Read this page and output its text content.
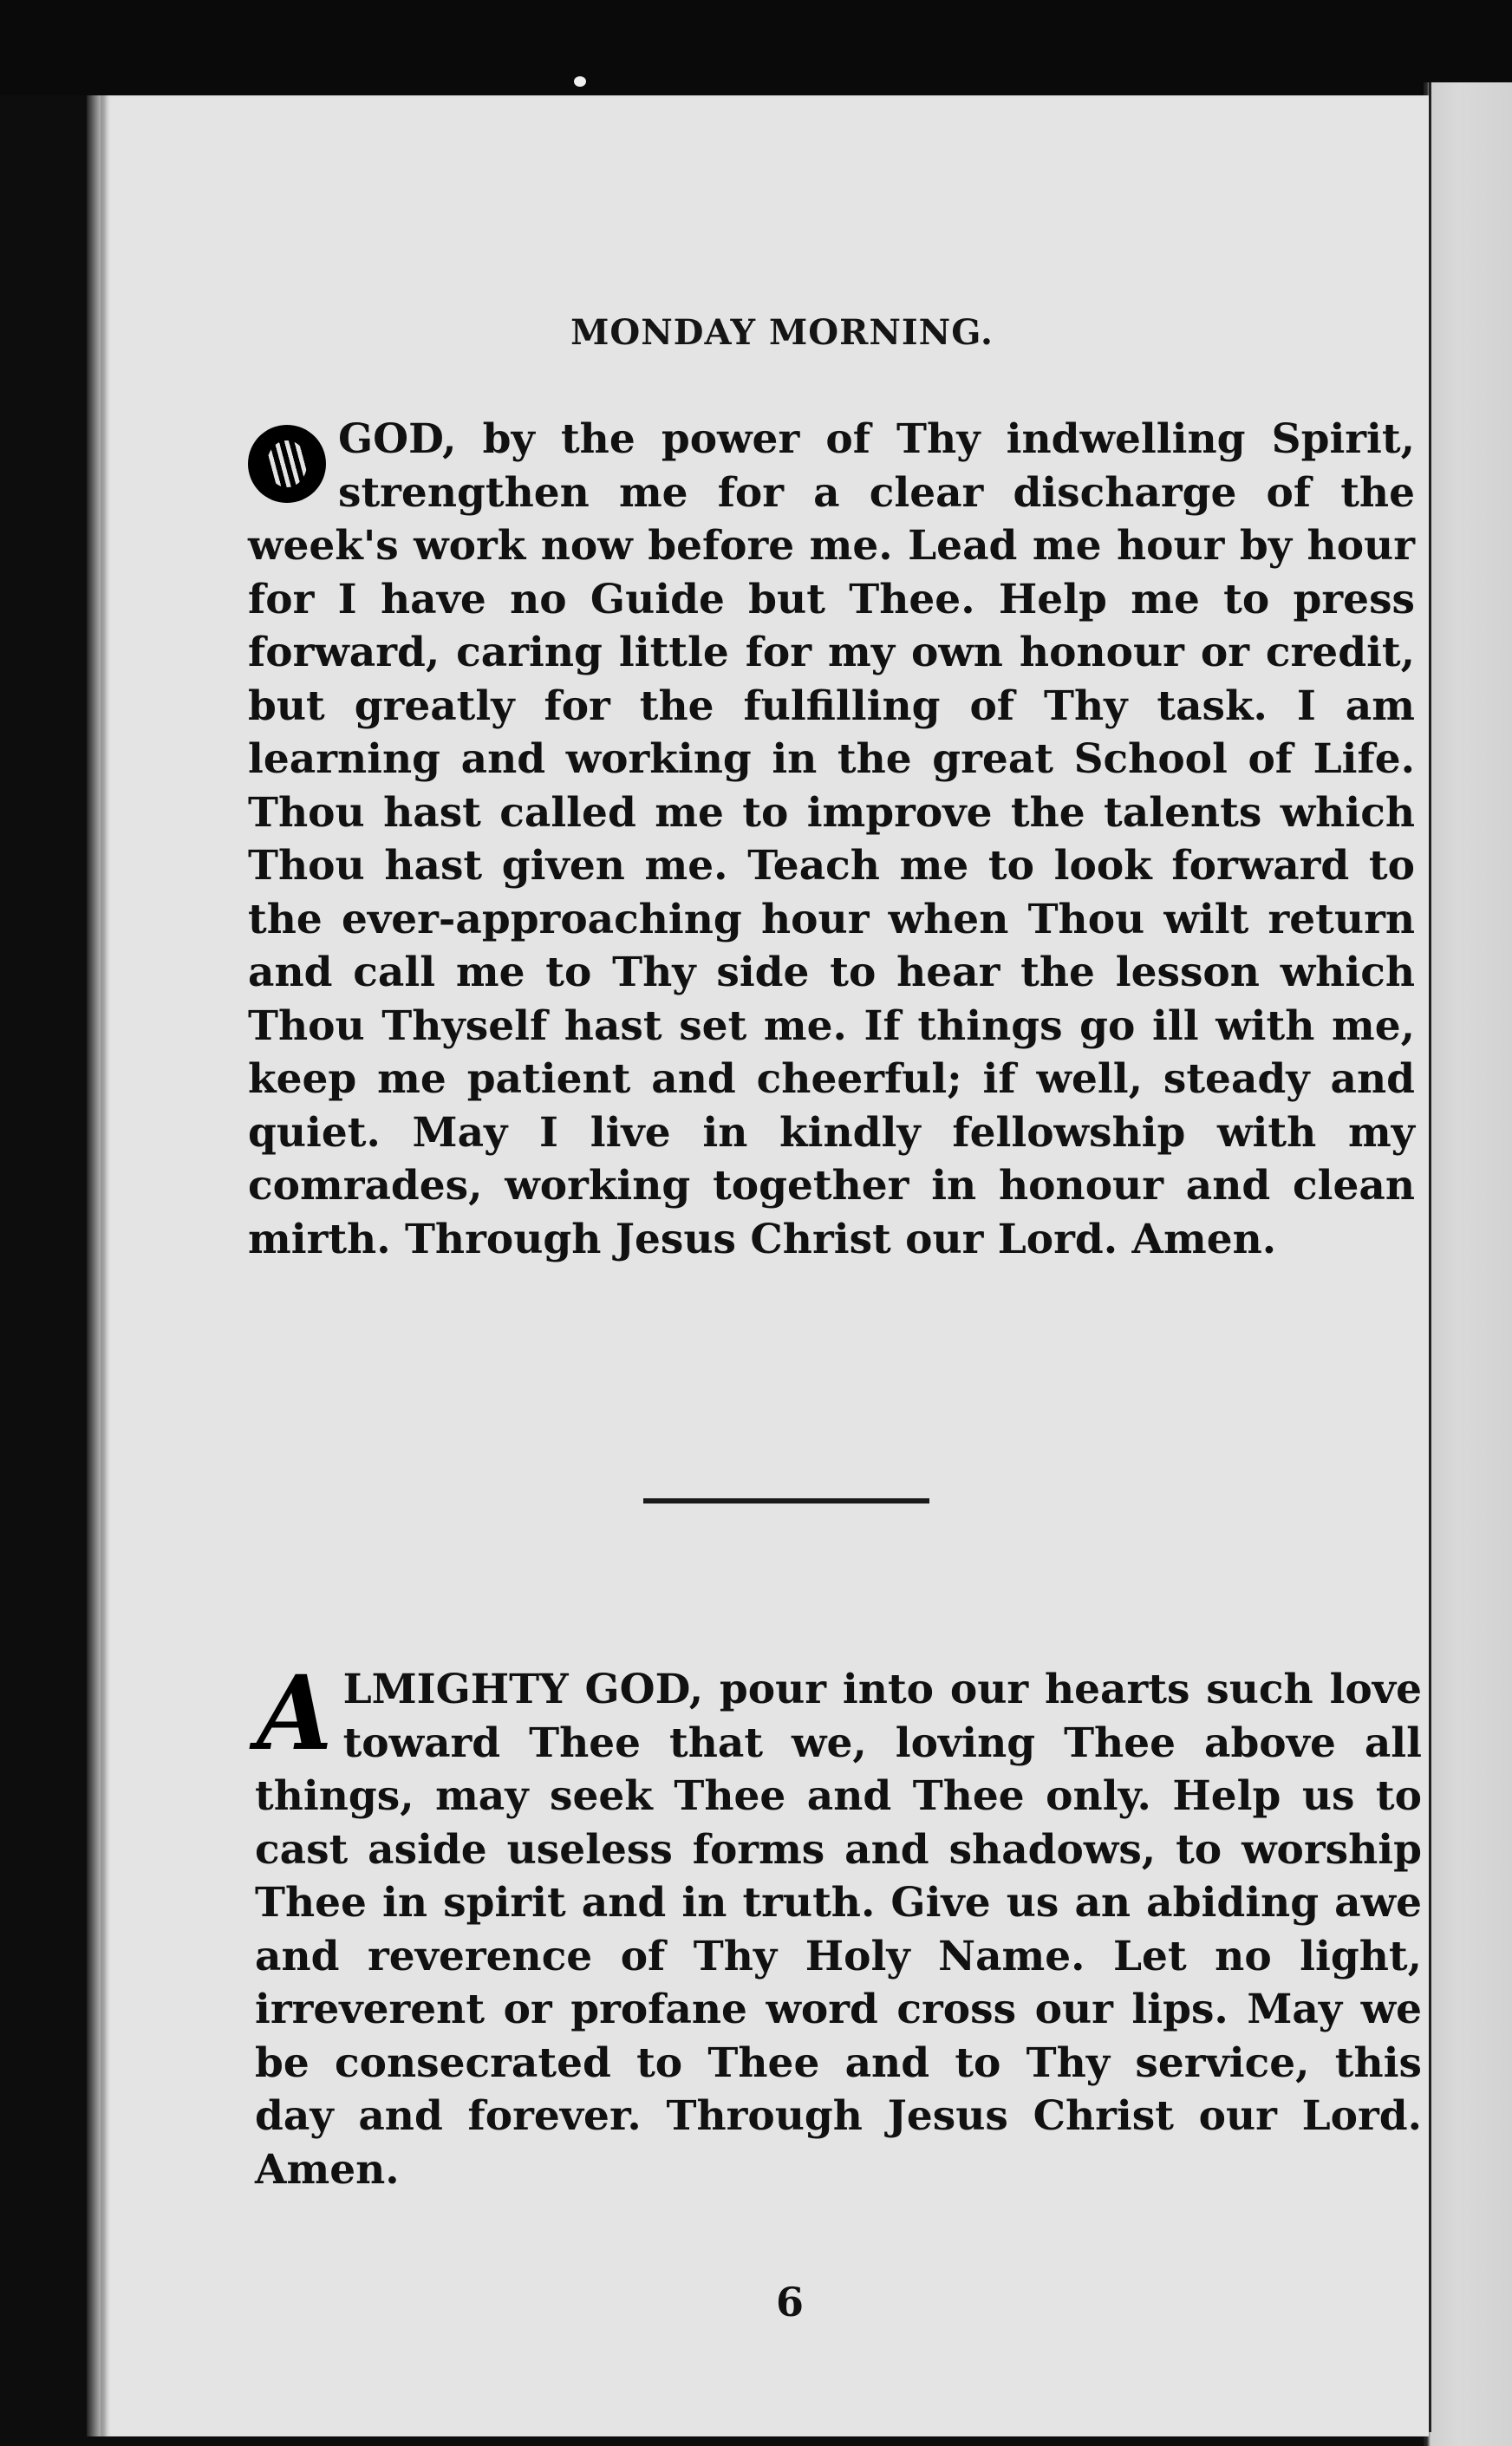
MONDAY MORNING.
GOD, by the power of Thy indwelling Spirit, strengthen me for a clear discharge of the week's work now before me. Lead me hour by hour for I have no Guide but Thee. Help me to press forward, caring little for my own honour or credit, but greatly for the fulfilling of Thy task. I am learning and working in the great School of Life. Thou hast called me to improve the talents which Thou hast given me. Teach me to look forward to the ever-approaching hour when Thou wilt return and call me to Thy side to hear the lesson which Thou Thyself hast set me. If things go ill with me, keep me patient and cheerful; if well, steady and quiet. May I live in kindly fellowship with my comrades, working together in honour and clean mirth. Through Jesus Christ our Lord. Amen.
A LMIGHTY GOD, pour into our hearts such love toward Thee that we, loving Thee above all things, may seek Thee and Thee only. Help us to cast aside useless forms and shadows, to worship Thee in spirit and in truth. Give us an abiding awe and reverence of Thy Holy Name. Let no light, irreverent or profane word cross our lips. May we be consecrated to Thee and to Thy service, this day and forever. Through Jesus Christ our Lord. Amen.
6
